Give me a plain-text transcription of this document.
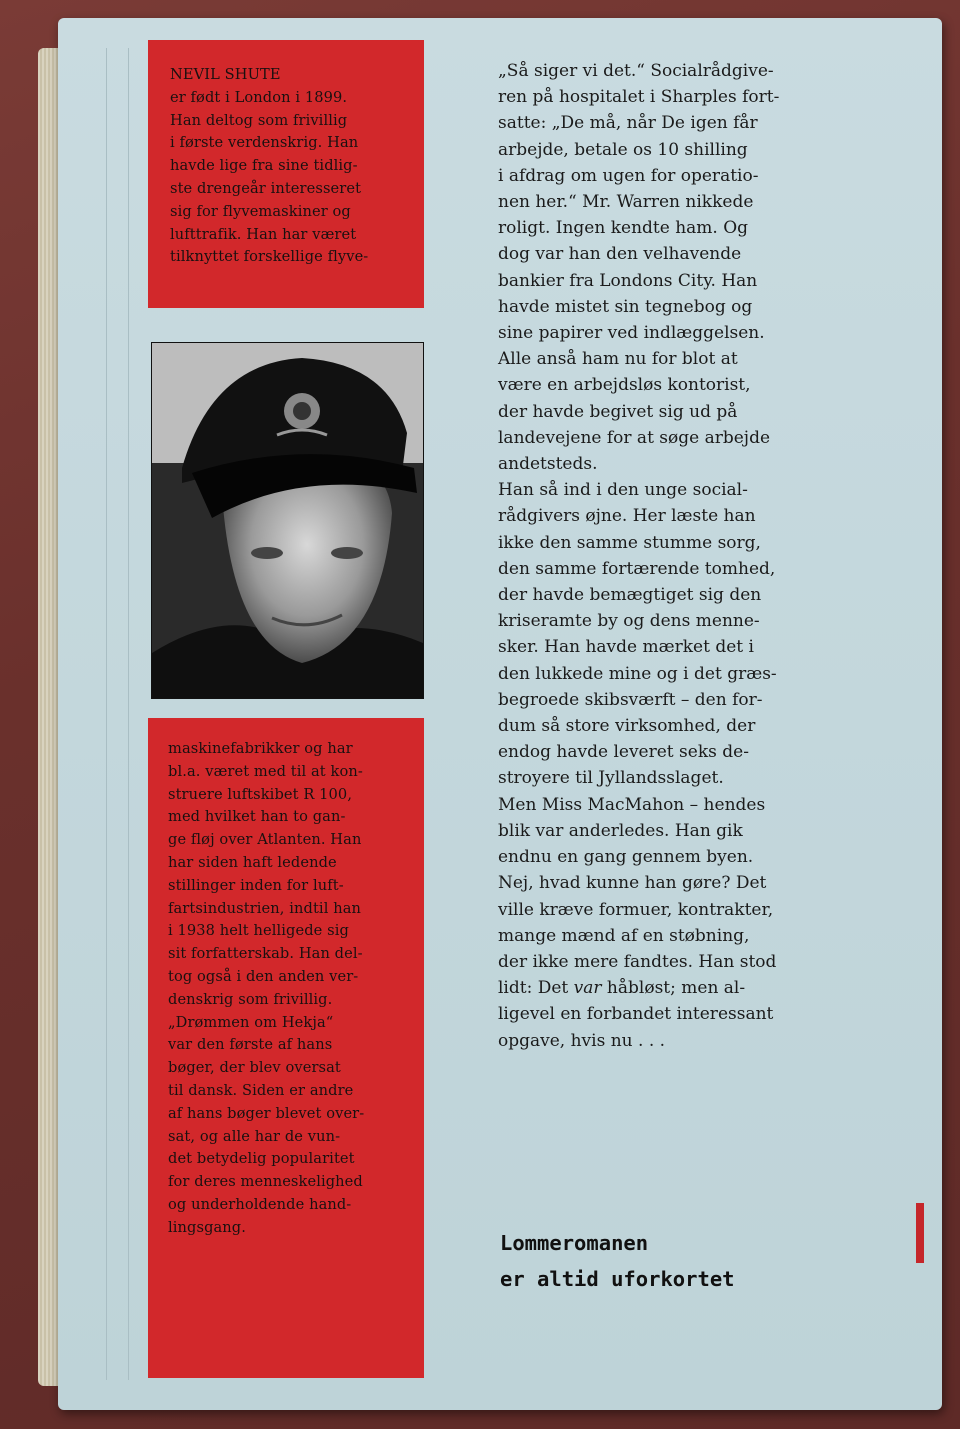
NEVIL SHUTE
er født i London i 1899.
Han deltog som frivillig
i første verdenskrig. Han
havde lige fra sine tidlig-
ste drengeår interesseret
sig for flyvemaskiner og
lufttrafik. Han har været
tilknyttet forskellige flyve-
maskinefabrikker og har
bl.a. været med til at kon-
struere luftskibet R 100,
med hvilket han to gan-
ge fløj over Atlanten. Han
har siden haft ledende
stillinger inden for luft-
fartsindustrien, indtil han
i 1938 helt helligede sig
sit forfatterskab. Han del-
tog også i den anden ver-
denskrig som frivillig.
„Drømmen om Hekja“
var den første af hans
bøger, der blev oversat
til dansk. Siden er andre
af hans bøger blevet over-
sat, og alle har de vun-
det betydelig popularitet
for deres menneskelighed
og underholdende hand-
lingsgang.
„Så siger vi det.“ Socialrådgive-
ren på hospitalet i Sharples fort-
satte: „De må, når De igen får
arbejde, betale os 10 shilling
i afdrag om ugen for operatio-
nen her.“ Mr. Warren nikkede
roligt. Ingen kendte ham. Og
dog var han den velhavende
bankier fra Londons City. Han
havde mistet sin tegnebog og
sine papirer ved indlæggelsen.
Alle anså ham nu for blot at
være en arbejdsløs kontorist,
der havde begivet sig ud på
landevejene for at søge arbejde
andetsteds.
Han så ind i den unge social-
rådgivers øjne. Her læste han
ikke den samme stumme sorg,
den samme fortærende tomhed,
der havde bemægtiget sig den
kriseramte by og dens menne-
sker. Han havde mærket det i
den lukkede mine og i det græs-
begroede skibsværft – den for-
dum så store virksomhed, der
endog havde leveret seks de-
stroyere til Jyllandsslaget.
Men Miss MacMahon – hendes
blik var anderledes. Han gik
endnu en gang gennem byen.
Nej, hvad kunne han gøre? Det
ville kræve formuer, kontrakter,
mange mænd af en støbning,
der ikke mere fandtes. Han stod
lidt: Det var håbløst; men al-
ligevel en forbandet interessant
opgave, hvis nu . . .
Lommeromanen
er altid uforkortet
